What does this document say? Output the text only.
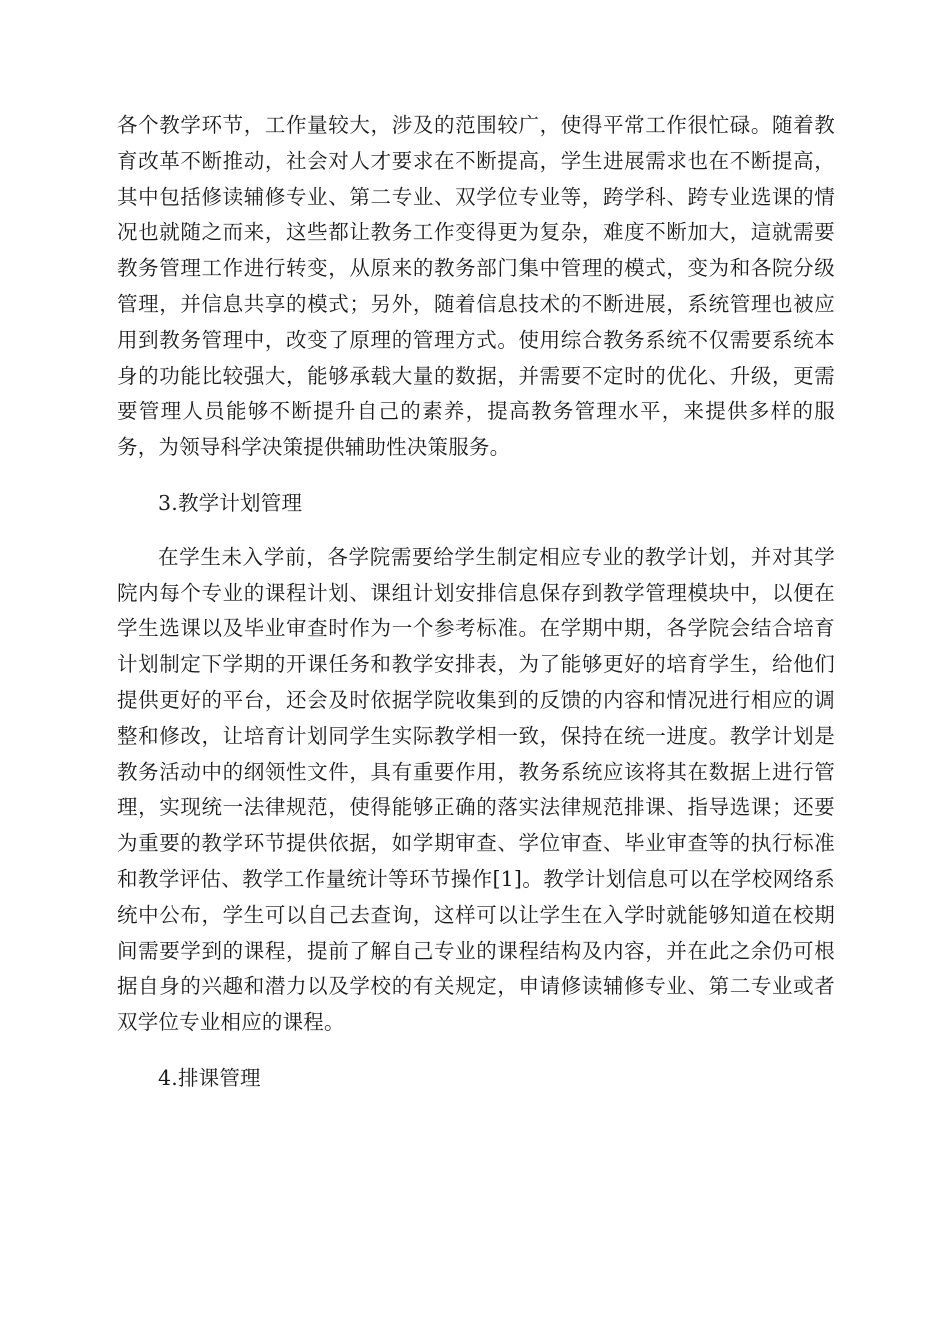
各个教学环节，工作量较大，涉及的范围较广，使得平常工作很忙碌。随着教育改革不断推动，社会对人才要求在不断提高，学生进展需求也在不断提高，其中包括修读辅修专业、第二专业、双学位专业等，跨学科、跨专业选课的情况也就随之而来，这些都让教务工作变得更为复杂，难度不断加大，這就需要教务管理工作进行转变，从原来的教务部门集中管理的模式，变为和各院分级管理，并信息共享的模式；另外，随着信息技术的不断进展，系统管理也被应用到教务管理中，改变了原理的管理方式。使用综合教务系统不仅需要系统本身的功能比较强大，能够承载大量的数据，并需要不定时的优化、升级，更需要管理人员能够不断提升自己的素养，提高教务管理水平，来提供多样的服务，为领导科学决策提供辅助性决策服务。

3.教学计划管理

在学生未入学前，各学院需要给学生制定相应专业的教学计划，并对其学院内每个专业的课程计划、课组计划安排信息保存到教学管理模块中，以便在学生选课以及毕业审查时作为一个参考标准。在学期中期，各学院会结合培育计划制定下学期的开课任务和教学安排表，为了能够更好的培育学生，给他们提供更好的平台，还会及时依据学院收集到的反馈的内容和情况进行相应的调整和修改，让培育计划同学生实际教学相一致，保持在统一进度。教学计划是教务活动中的纲领性文件，具有重要作用，教务系统应该将其在数据上进行管理，实现统一法律规范，使得能够正确的落实法律规范排课、指导选课；还要为重要的教学环节提供依据，如学期审查、学位审查、毕业审查等的执行标准和教学评估、教学工作量统计等环节操作[1]。教学计划信息可以在学校网络系统中公布，学生可以自己去查询，这样可以让学生在入学时就能够知道在校期间需要学到的课程，提前了解自己专业的课程结构及内容，并在此之余仍可根据自身的兴趣和潜力以及学校的有关规定，申请修读辅修专业、第二专业或者双学位专业相应的课程。

4.排课管理
